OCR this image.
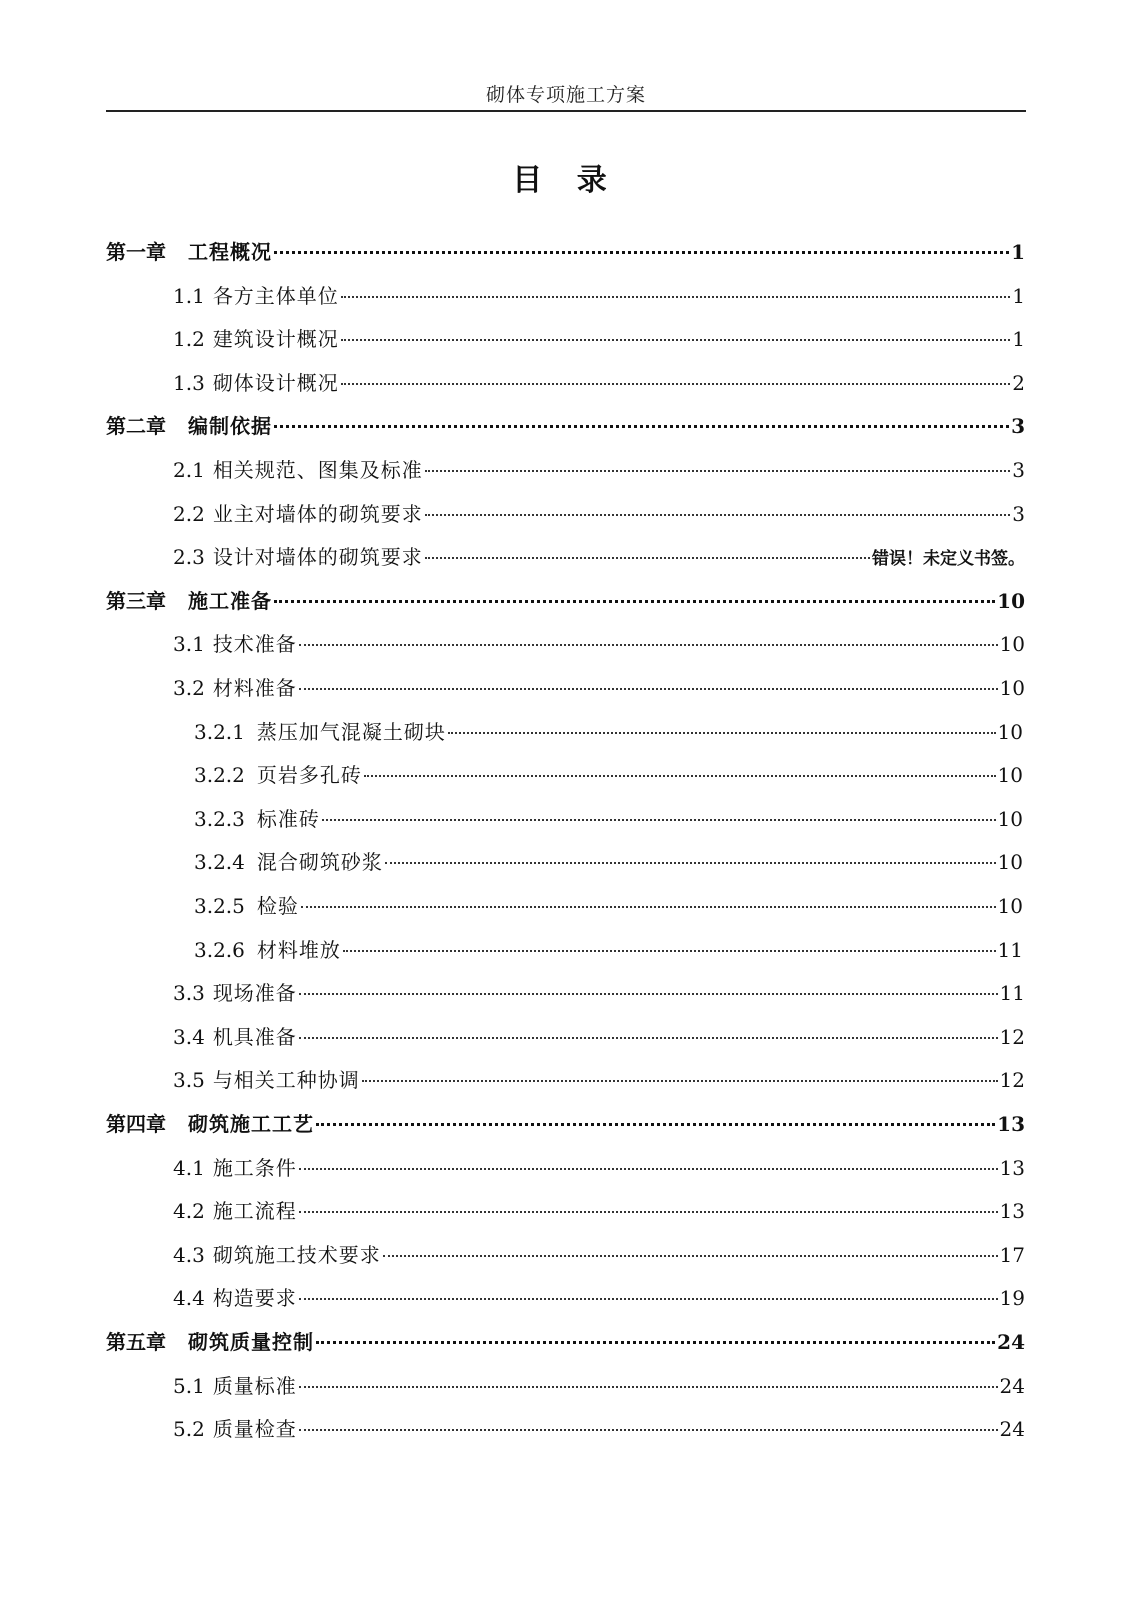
砌体专项施工方案
目 录
第一章 工程概况	1
1.1 各方主体单位	1
1.2 建筑设计概况	1
1.3 砌体设计概况	2
第二章 编制依据	3
2.1 相关规范、图集及标准	3
2.2 业主对墙体的砌筑要求	3
2.3 设计对墙体的砌筑要求	错误！未定义书签。
第三章 施工准备	10
3.1 技术准备	10
3.2 材料准备	10
3.2.1 蒸压加气混凝土砌块	10
3.2.2 页岩多孔砖	10
3.2.3 标准砖	10
3.2.4 混合砌筑砂浆	10
3.2.5 检验	10
3.2.6 材料堆放	11
3.3 现场准备	11
3.4 机具准备	12
3.5 与相关工种协调	12
第四章 砌筑施工工艺	13
4.1 施工条件	13
4.2 施工流程	13
4.3 砌筑施工技术要求	17
4.4 构造要求	19
第五章 砌筑质量控制	24
5.1 质量标准	24
5.2 质量检查	24
